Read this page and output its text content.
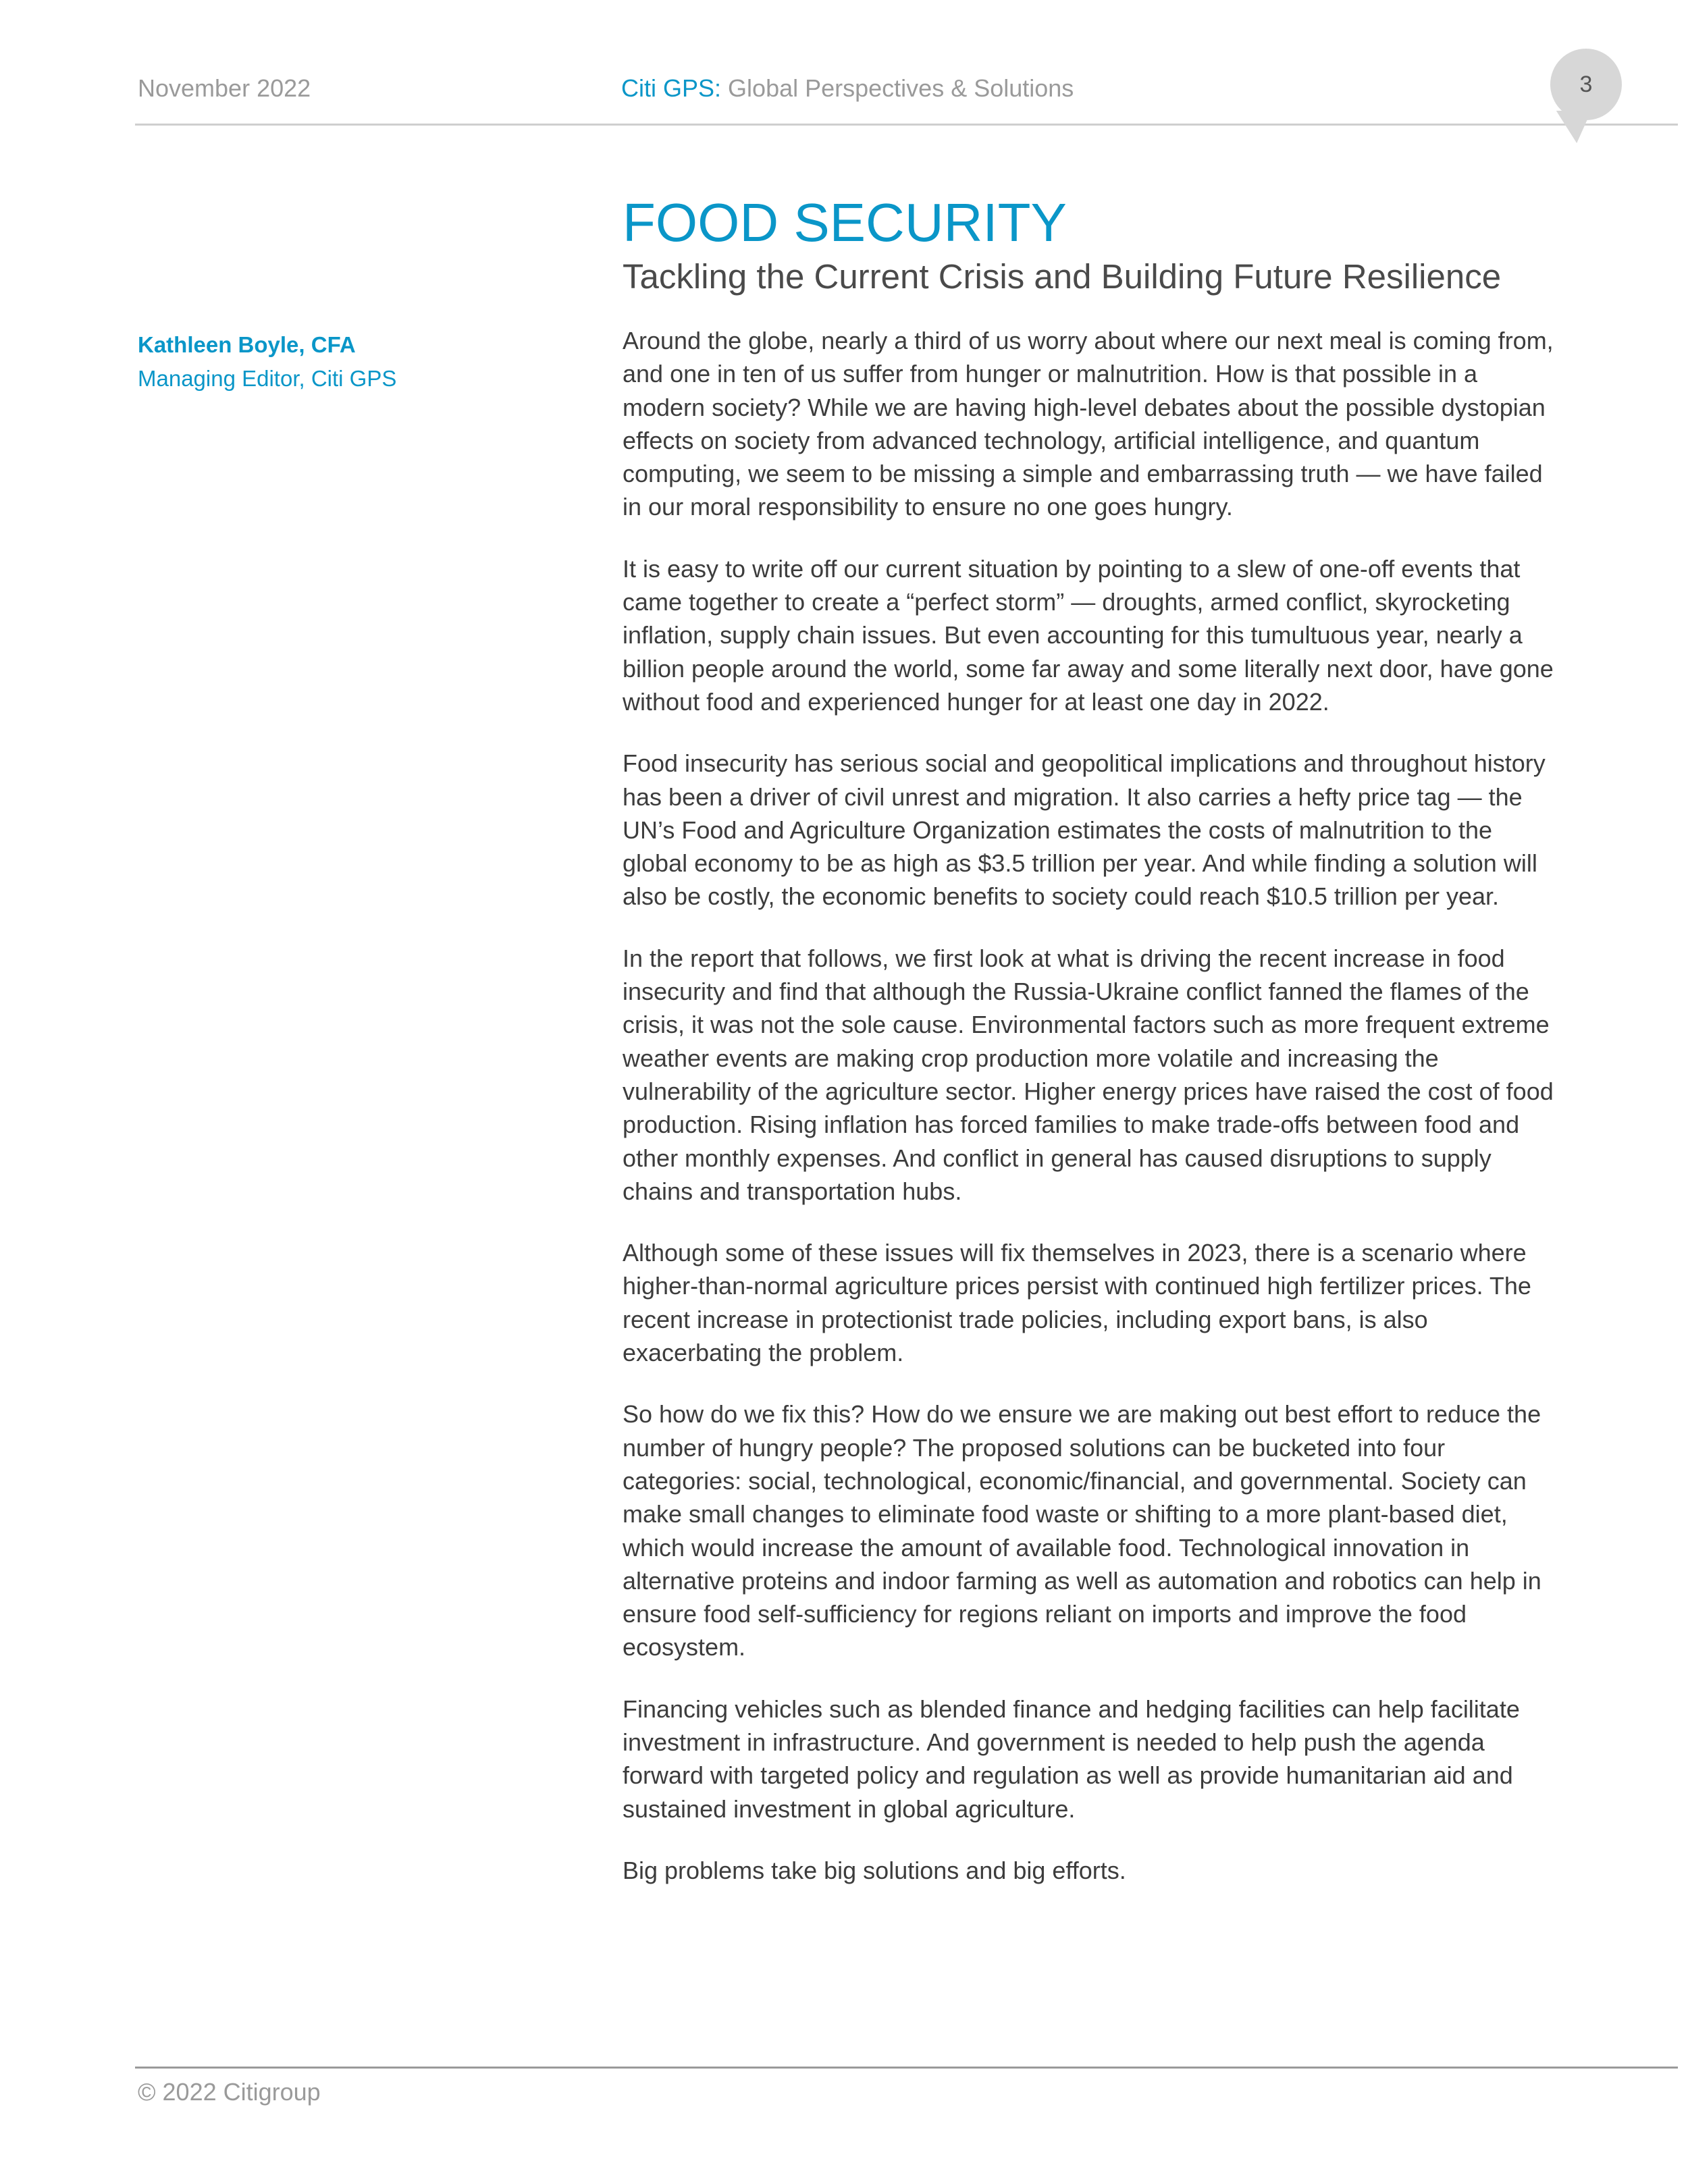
November 2022	Citi GPS: Global Perspectives & Solutions	3
FOOD SECURITY
Tackling the Current Crisis and Building Future Resilience
Kathleen Boyle, CFA
Managing Editor, Citi GPS

Around the globe, nearly a third of us worry about where our next meal is coming from, and one in ten of us suffer from hunger or malnutrition. How is that possible in a modern society? While we are having high-level debates about the possible dystopian effects on society from advanced technology, artificial intelligence, and quantum computing, we seem to be missing a simple and embarrassing truth — we have failed in our moral responsibility to ensure no one goes hungry.

It is easy to write off our current situation by pointing to a slew of one-off events that came together to create a “perfect storm” — droughts, armed conflict, skyrocketing inflation, supply chain issues. But even accounting for this tumultuous year, nearly a billion people around the world, some far away and some literally next door, have gone without food and experienced hunger for at least one day in 2022.

Food insecurity has serious social and geopolitical implications and throughout history has been a driver of civil unrest and migration. It also carries a hefty price tag — the UN’s Food and Agriculture Organization estimates the costs of malnutrition to the global economy to be as high as $3.5 trillion per year. And while finding a solution will also be costly, the economic benefits to society could reach $10.5 trillion per year.

In the report that follows, we first look at what is driving the recent increase in food insecurity and find that although the Russia-Ukraine conflict fanned the flames of the crisis, it was not the sole cause. Environmental factors such as more frequent extreme weather events are making crop production more volatile and increasing the vulnerability of the agriculture sector. Higher energy prices have raised the cost of food production. Rising inflation has forced families to make trade-offs between food and other monthly expenses. And conflict in general has caused disruptions to supply chains and transportation hubs.

Although some of these issues will fix themselves in 2023, there is a scenario where higher-than-normal agriculture prices persist with continued high fertilizer prices. The recent increase in protectionist trade policies, including export bans, is also exacerbating the problem.

So how do we fix this? How do we ensure we are making out best effort to reduce the number of hungry people? The proposed solutions can be bucketed into four categories: social, technological, economic/financial, and governmental. Society can make small changes to eliminate food waste or shifting to a more plant-based diet, which would increase the amount of available food. Technological innovation in alternative proteins and indoor farming as well as automation and robotics can help in ensure food self-sufficiency for regions reliant on imports and improve the food ecosystem.

Financing vehicles such as blended finance and hedging facilities can help facilitate investment in infrastructure. And government is needed to help push the agenda forward with targeted policy and regulation as well as provide humanitarian aid and sustained investment in global agriculture.

Big problems take big solutions and big efforts.

© 2022 Citigroup
